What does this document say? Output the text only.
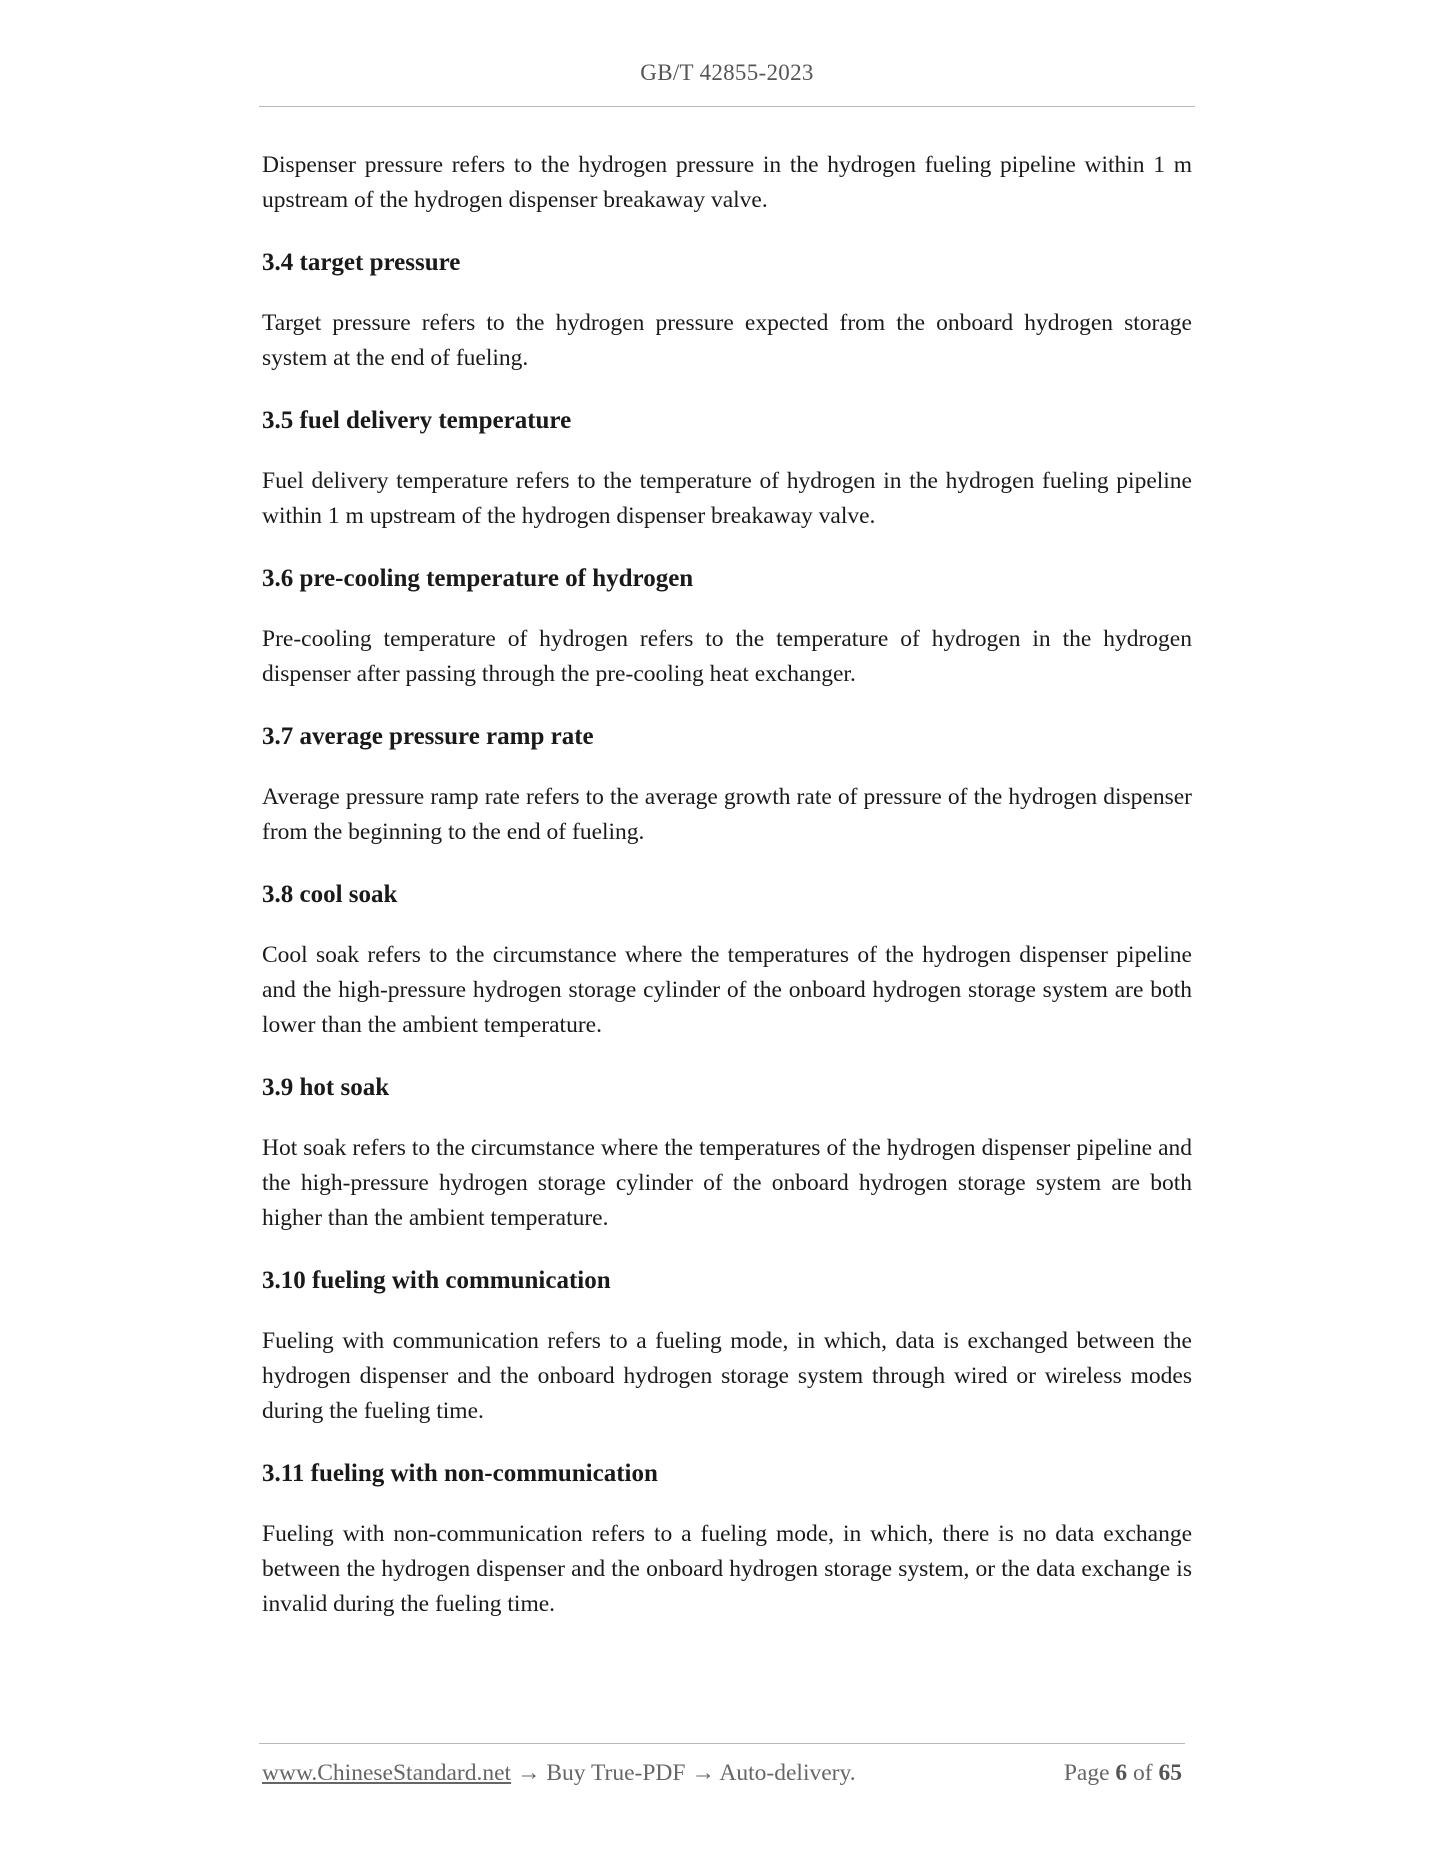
GB/T 42855-2023

Dispenser pressure refers to the hydrogen pressure in the hydrogen fueling pipeline within 1 m upstream of the hydrogen dispenser breakaway valve.

3.4 target pressure

Target pressure refers to the hydrogen pressure expected from the onboard hydrogen storage system at the end of fueling.

3.5 fuel delivery temperature

Fuel delivery temperature refers to the temperature of hydrogen in the hydrogen fueling pipeline within 1 m upstream of the hydrogen dispenser breakaway valve.

3.6 pre-cooling temperature of hydrogen

Pre-cooling temperature of hydrogen refers to the temperature of hydrogen in the hydrogen dispenser after passing through the pre-cooling heat exchanger.

3.7 average pressure ramp rate

Average pressure ramp rate refers to the average growth rate of pressure of the hydrogen dispenser from the beginning to the end of fueling.

3.8 cool soak

Cool soak refers to the circumstance where the temperatures of the hydrogen dispenser pipeline and the high-pressure hydrogen storage cylinder of the onboard hydrogen storage system are both lower than the ambient temperature.

3.9 hot soak

Hot soak refers to the circumstance where the temperatures of the hydrogen dispenser pipeline and the high-pressure hydrogen storage cylinder of the onboard hydrogen storage system are both higher than the ambient temperature.

3.10 fueling with communication

Fueling with communication refers to a fueling mode, in which, data is exchanged between the hydrogen dispenser and the onboard hydrogen storage system through wired or wireless modes during the fueling time.

3.11 fueling with non-communication

Fueling with non-communication refers to a fueling mode, in which, there is no data exchange between the hydrogen dispenser and the onboard hydrogen storage system, or the data exchange is invalid during the fueling time.

www.ChineseStandard.net → Buy True-PDF → Auto-delivery.	Page 6 of 65
